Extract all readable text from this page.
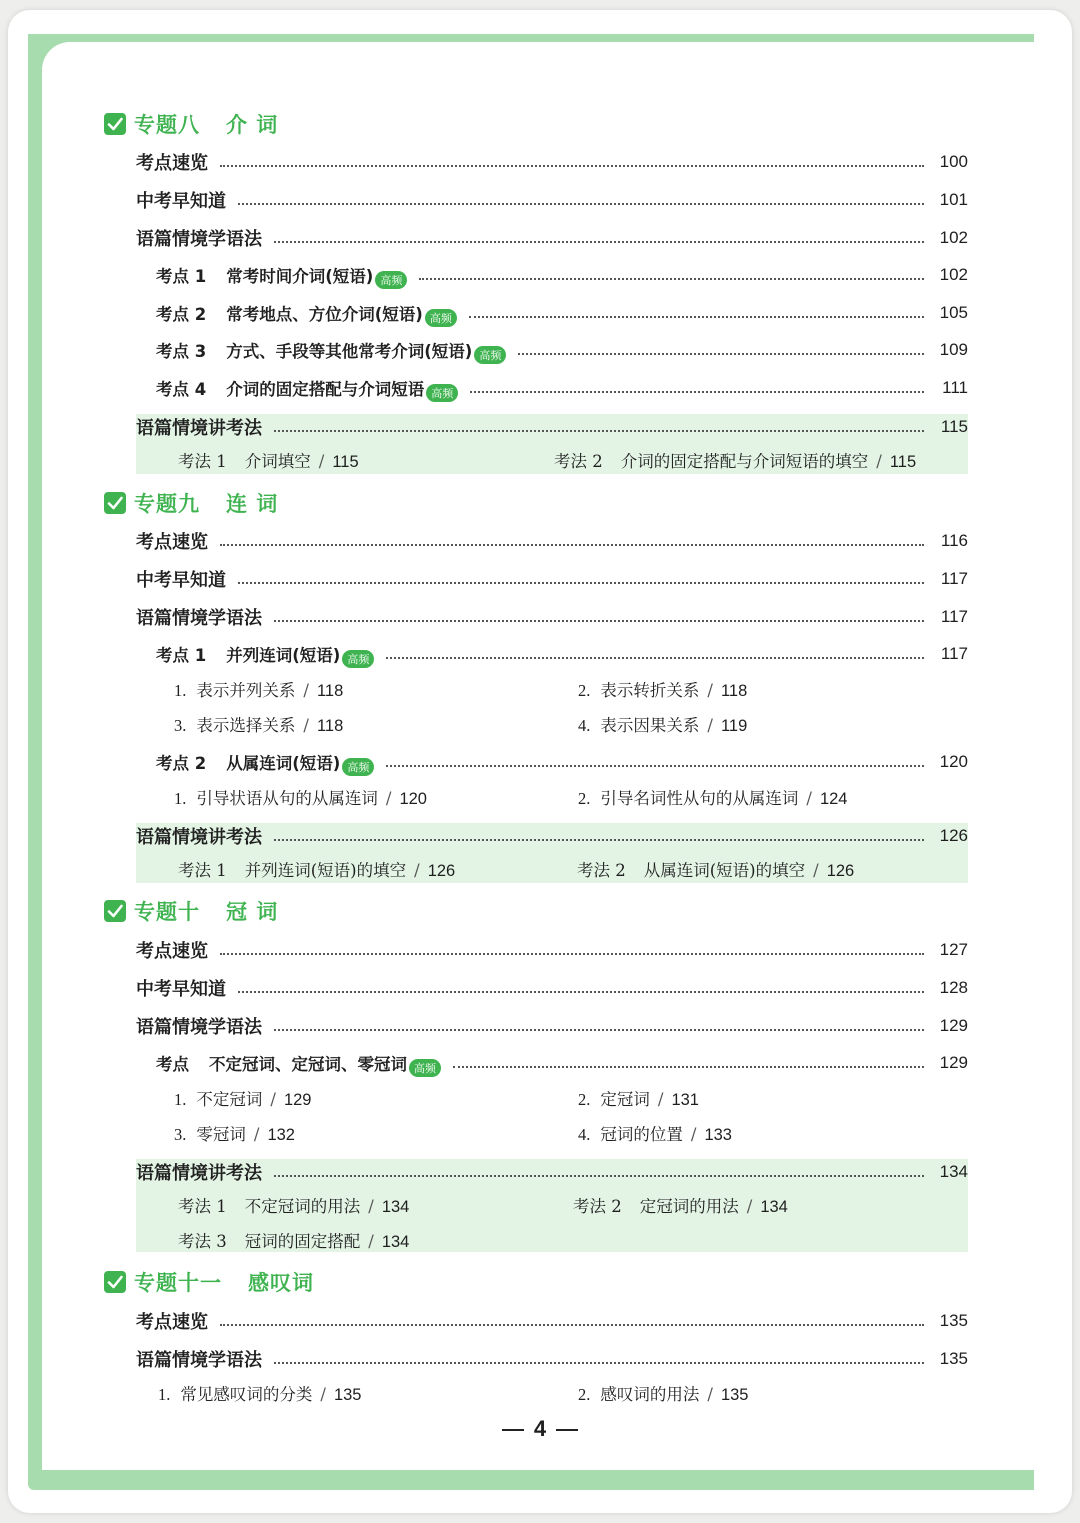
专题八 介 词
考点速览	100
中考早知道	101
语篇情境学语法	102
考点 1 常考时间介词(短语) 高频	102
考点 2 常考地点、方位介词(短语) 高频	105
考点 3 方式、手段等其他常考介词(短语) 高频	109
考点 4 介词的固定搭配与介词短语 高频	111
语篇情境讲考法	115
考法 1 介词填空 / 115	考法 2 介词的固定搭配与介词短语的填空 / 115
专题九 连 词
考点速览	116
中考早知道	117
语篇情境学语法	117
考点 1 并列连词(短语) 高频	117
1. 表示并列关系 / 118	2. 表示转折关系 / 118
3. 表示选择关系 / 118	4. 表示因果关系 / 119
考点 2 从属连词(短语) 高频	120
1. 引导状语从句的从属连词 / 120	2. 引导名词性从句的从属连词 / 124
语篇情境讲考法	126
考法 1 并列连词(短语)的填空 / 126	考法 2 从属连词(短语)的填空 / 126
专题十 冠 词
考点速览	127
中考早知道	128
语篇情境学语法	129
考点 不定冠词、定冠词、零冠词 高频	129
1. 不定冠词 / 129	2. 定冠词 / 131
3. 零冠词 / 132	4. 冠词的位置 / 133
语篇情境讲考法	134
考法 1 不定冠词的用法 / 134	考法 2 定冠词的用法 / 134
考法 3 冠词的固定搭配 / 134
专题十一 感叹词
考点速览	135
语篇情境学语法	135
1. 常见感叹词的分类 / 135	2. 感叹词的用法 / 135
4
